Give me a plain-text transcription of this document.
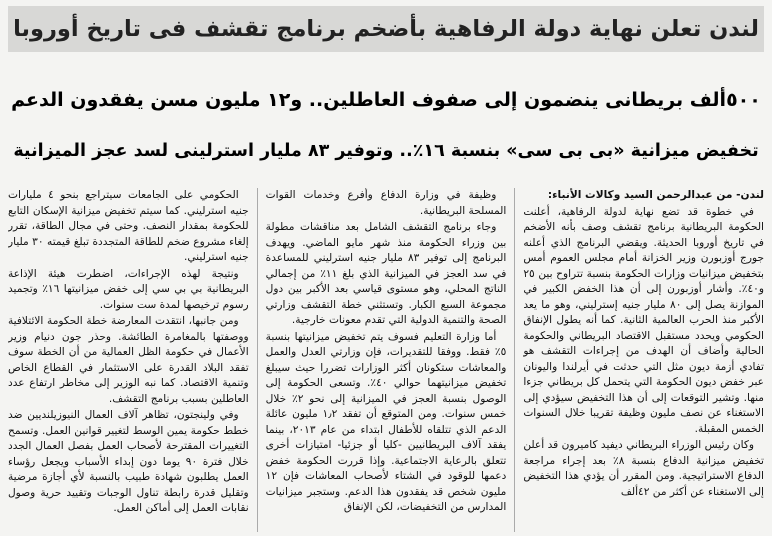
لندن تعلن نهاية دولة الرفاهية بأضخم برنامج تقشف فى تاريخ أوروبا
٥٠٠ألف بريطانى ينضمون إلى صفوف العاطلين.. و١٢ مليون مسن يفقدون الدعم
تخفيض ميزانية «بى بى سى» بنسبة ١٦٪.. وتوفير ٨٣ مليار استرلينى لسد عجز الميزانية

لندن- من عبدالرحمن السيد وكالات الأنباء:

في خطوة قد تضع نهاية لدولة الرفاهية، أعلنت الحكومة البريطانية برنامج تقشف وصف بأنه الأضخم في تاريخ أوروبا الحديثة. ويقضي البرنامج الذي أعلنه جورج أوزبورن وزير الخزانة أمام مجلس العموم أمس بتخفيض ميزانيات وزارات الحكومة بنسبة تتراوح بين ٢٥ و٤٠٪. وأشار أوزبورن إلى أن هذا الخفض الكبير في الموازنة يصل إلى ٨٠ مليار جنيه إسترليني، وهو ما يعد الأكبر منذ الحرب العالمية الثانية. كما أنه يطول الإنفاق الحكومي ويحدد مستقبل الاقتصاد البريطاني والحكومة الحالية وأضاف أن الهدف من إجراءات التقشف هو تفادي أزمة ديون مثل التي حدثت في أيرلندا واليونان عبر خفض ديون الحكومة التي يتحمل كل بريطاني جزءا منها. وتشير التوقعات إلى أن هذا التخفيض سيؤدي إلى الاستغناء عن نصف مليون وظيفة تقريبا خلال السنوات الخمس المقبلة.

وكان رئيس الوزراء البريطاني ديفيد كاميرون قد أعلن تخفيض ميزانية الدفاع بنسبة ٨٪ بعد إجراء مراجعة الدفاع الاستراتيجية. ومن المقرر أن يؤدي هذا التخفيض إلى الاستغناء عن أكثر من ٤٢ألف

وظيفة في وزارة الدفاع وأفرع وخدمات القوات المسلحة البريطانية.

وجاء برنامج التقشف الشامل بعد مناقشات مطولة بين وزراء الحكومة منذ شهر مايو الماضي. ويهدف البرنامج إلى توفير ٨٣ مليار جنيه استرليني للمساعدة في سد العجز في الميزانية الذي بلغ ١١٪ من إجمالي الناتج المحلي، وهو مستوى قياسي بعد الأكبر بين دول مجموعة السبع الكبار. وتستثني خطة التقشف وزارتي الصحة والتنمية الدولية التي تقدم معونات خارجية.

أما وزارة التعليم فسوف يتم تخفيض ميزانيتها بنسبة ٥٪ فقط. ووفقا للتقديرات، فإن وزارتي العدل والعمل والمعاشات ستكونان أكثر الوزارات تضررا حيث سيبلغ تخفيض ميزانيتهما حوالي ٤٠٪. وتسعى الحكومة إلى الوصول بنسبة العجز في الميزانية إلى نحو ٢٪ خلال خمس سنوات. ومن المتوقع أن تفقد ١٫٢ مليون عائلة الدعم الذي تتلقاه للأطفال ابتداء من عام ٢٠١٣، بينما يفقد آلاف البريطانيين -كليا أو جزئيا- امتيازات أخرى تتعلق بالرعاية الاجتماعية. وإذا قررت الحكومة خفض دعمها للوقود في الشتاء لأصحاب المعاشات فإن ١٢ مليون شخص قد يفقدون هذا الدعم. وستجبر ميزانيات المدارس من التخفيضات، لكن الإنفاق

الحكومي على الجامعات سيتراجع بنحو ٤ مليارات جنيه استرليني. كما سيتم تخفيض ميزانية الإسكان التابع للحكومة بمقدار النصف. وحتى في مجال الطاقة، تقرر إلغاء مشروع ضخم للطاقة المتجددة تبلغ قيمته ٣٠ مليار جنيه استرليني.

ونتيجة لهذه الإجراءات، اضطرت هيئة الإذاعة البريطانية بي بي سي إلى خفض ميزانيتها ١٦٪ وتجميد رسوم ترخيصها لمدة ست سنوات.

ومن جانبها، انتقدت المعارضة خطة الحكومة الائتلافية ووصفتها بالمغامرة الطائشة. وحذر جون دنيام وزير الأعمال في حكومة الظل العمالية من أن الخطة سوف تفقد البلاد القدرة على الاستثمار في القطاع الخاص وتنمية الاقتصاد. كما نبه الوزير إلى مخاطر ارتفاع عدد العاطلين بسبب برنامج التقشف.

وفي ولينجتون، تظاهر آلاف العمال النيوزيلنديين ضد خطط حكومة يمين الوسط لتغيير قوانين العمل. وتسمح التغييرات المقترحة لأصحاب العمل بفصل العمال الجدد خلال فترة ٩٠ يوما دون إبداء الأسباب ويجعل رؤساء العمل يطلبون شهادة طبيب بالنسبة لأي أجازة مرضية وتقليل قدرة رابطة تناول الوجبات وتقييد حرية وصول نقابات العمل إلى أماكن العمل.
